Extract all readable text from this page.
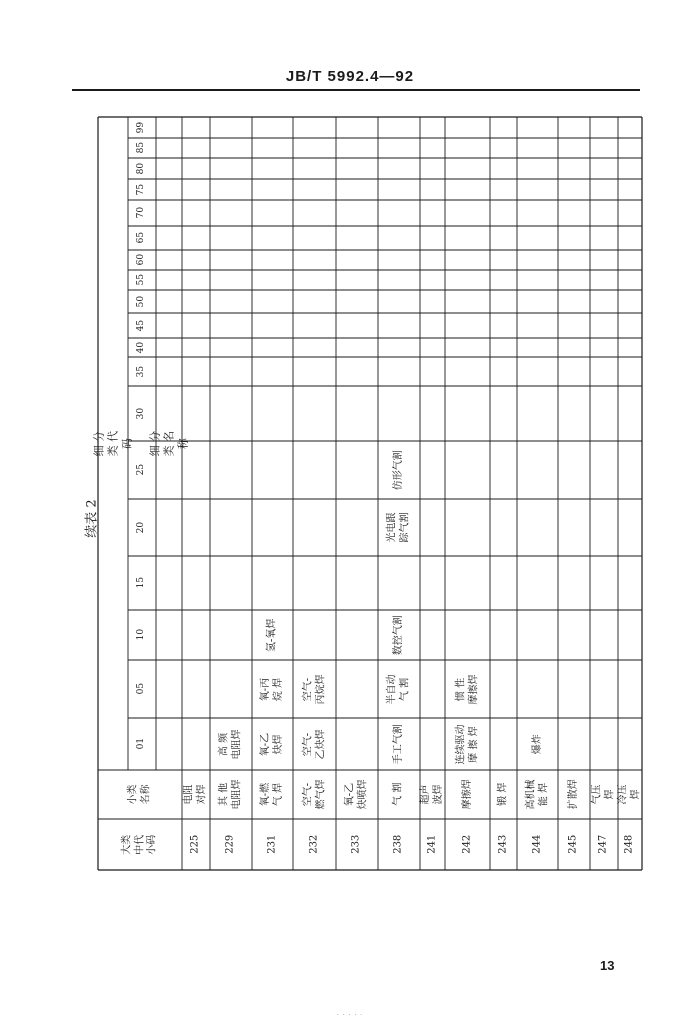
JB/T 5992.4—92
续表 2
细 分 类 代 码 细 分 类 名 称
大类
中代
小码
小类
名称
01
05
10
15
20
25
30
35
40
45
50
55
60
65
70
75
80
85
99
225
电阻对焊
229
其 他
电阻焊
高 频
电阻焊
231
氧-燃
气 焊
氢-氧焊
氧-乙
炔焊
氧-丙
烷 焊
232
空气-
燃气焊
空气-
乙炔焊
空气-
丙烷焊
233
氧-乙
炔喷焊
238
气 割
数控气割
光电跟
踪气割
仿形气割
手工气割
半自动
气 割
241
超声波焊
242
摩擦焊
连续驱动
摩 擦 焊
惯 性
摩擦焊
243
锻 焊
244
高机械
能 焊
爆炸
245
扩散焊
247
气压焊
248
冷压焊
13
· · · · ·
